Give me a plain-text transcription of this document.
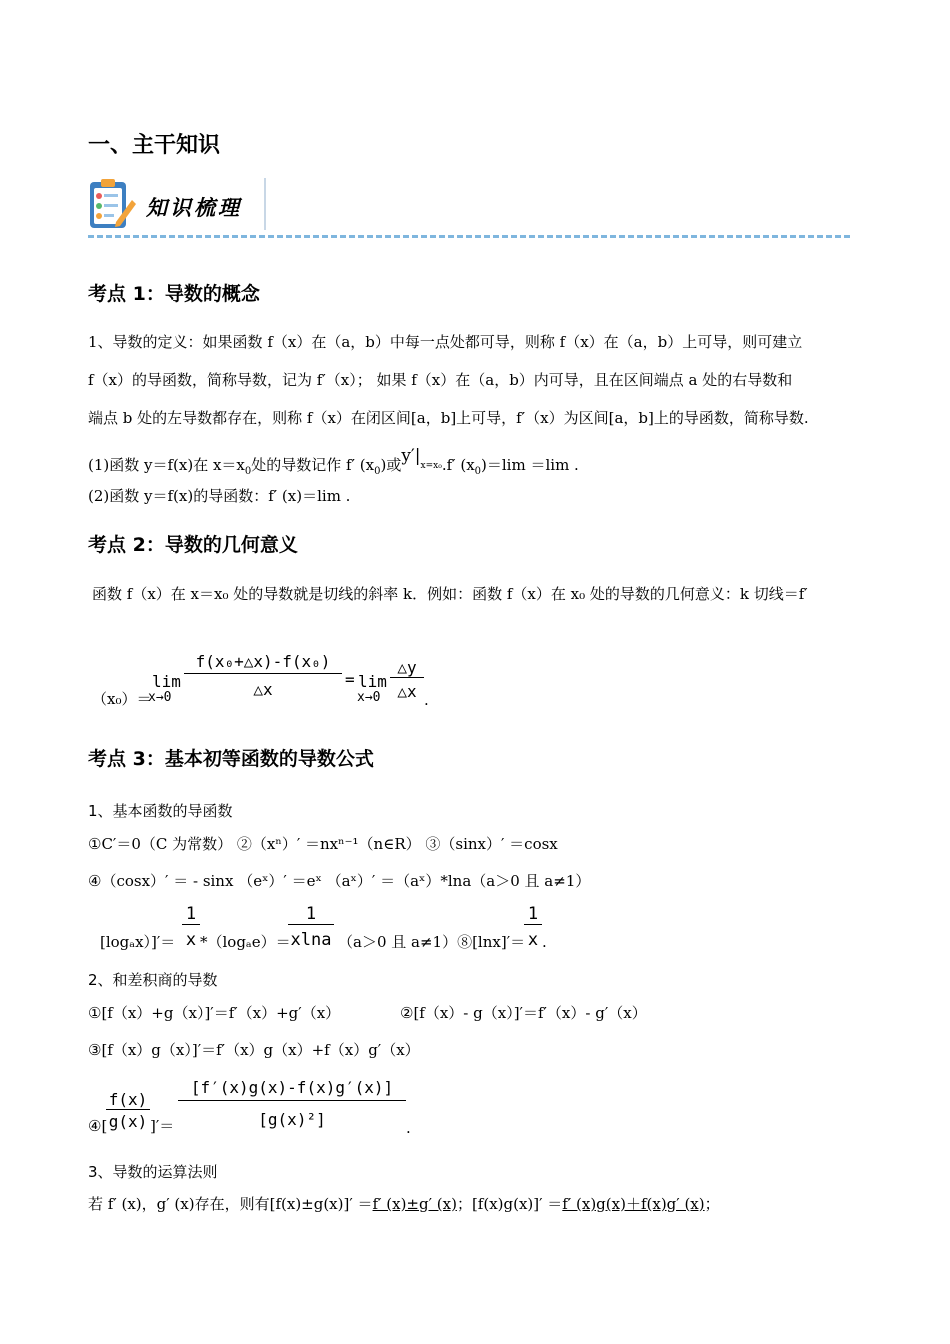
一、主干知识
知识梳理
考点 1：导数的概念
1、导数的定义：如果函数 f（x）在（a，b）中每一点处都可导，则称 f（x）在（a，b）上可导，则可建立
f（x）的导函数，简称导数，记为 f′（x）； 如果 f（x）在（a，b）内可导，且在区间端点 a 处的右导数和
端点 b 处的左导数都存在，则称 f（x）在闭区间[a，b]上可导，f′（x）为区间[a，b]上的导函数，简称导数.
(1)函数 y＝f(x)在 $x=x_0$处的导数记作 f′ $(x_0)$或$y'|_{x=x_0}.f'$ $(x_0)=\lim =\lim$ .
(2)函数 y＝f(x)的导函数：f′ (x)＝lim .
考点 2：导数的几何意义
函数 f（x）在 x＝x₀ 处的导数就是切线的斜率 k．例如：函数 f（x）在 x₀ 处的导数的几何意义：k 切线＝f′
（x₀）＝
lim
x→0
f(x₀+△x)-f(x₀)
△x
= lim
x→0
△y
△x .
考点 3：基本初等函数的导数公式
1、基本函数的导函数
①C′＝0（C 为常数） ②（xⁿ）′ ＝nxⁿ⁻¹（n∈R） ③（sinx）′ ＝cosx
④（cosx）′ ＝ - sinx （eˣ）′ ＝eˣ （aˣ）′ ＝（aˣ）*lna（a＞0 且 a≠1）
[logₐx）]′＝
1
x *（logₐe）＝
1
xlna （a＞0 且 a≠1）⑧[lnx]′＝
1
x .
2、和差积商的导数
①[f（x）+g（x）]′＝f′（x）+g′（x）	②[f（x）- g（x）]′＝f′（x）- g′（x）
③[f（x）g（x）]′＝f′（x）g（x）+f（x）g′（x）
④[
f(x)
g(x) ]′＝
[f′(x)g(x)-f(x)g′(x)]
[g(x)²]	.
3、导数的运算法则
若 f′ (x)，g′ (x)存在，则有[f(x)±g(x)]′ ＝f′ (x)±g′ (x)；[f(x)g(x)]′ ＝f′ (x)g(x)＋f(x)g′ (x)；
